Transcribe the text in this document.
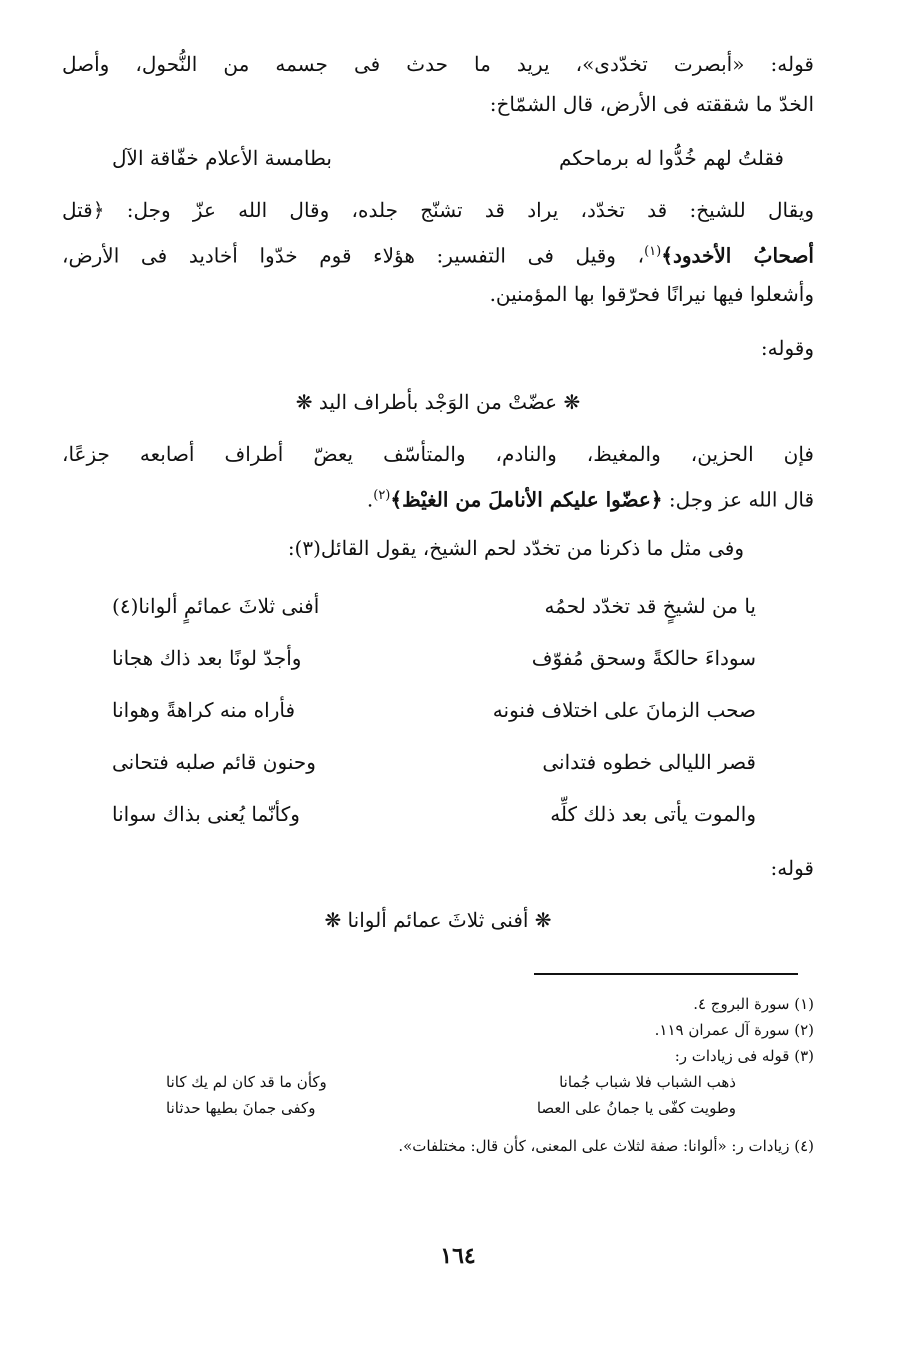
قوله: «أبصرت تخدّدى»، يريد ما حدث فى جسمه من النُّحول، وأصل
الخدّ ما شققته فى الأرض، قال الشمّاخ:
فقلتُ لهم خُدُّوا له برماحكم
بطامسة الأعلام خفّاقة الآل
ويقال للشيخ: قد تخدّد، يراد قد تشنّج جلده، وقال الله عزّ وجل: ﴿قتل
أصحابُ الأخدود﴾$^{(١)}$، وقيل فى التفسير: هؤلاء قوم خدّوا أخاديد فى الأرض،
وأشعلوا فيها نيرانًا فحرّقوا بها المؤمنين.
وقوله:
❋ عضّتْ من الوَجْد بأطراف اليد ❋
فإن الحزين، والمغيظ، والنادم، والمتأسّف يعضّ أطراف أصابعه جزعًا،
قال الله عز وجل: ﴿عضّوا عليكم الأناملَ من الغيْظ﴾$^{(٢)}$.
وفى مثل ما ذكرنا من تخدّد لحم الشيخ، يقول القائل(٣):
يا من لشيخٍ قد تخدّد لحمُه
أفنى ثلاثَ عمائمٍ ألوانا(٤)
سوداءَ حالكةً وسحق مُفوّف
وأجدّ لونًا بعد ذاك هجانا
صحب الزمانَ على اختلاف فنونه
فأراه منه كراهةً وهوانا
قصر الليالى خطوه فتدانى
وحنون قائم صلبه فتحانى
والموت يأتى بعد ذلك كلِّه
وكأنّما يُعنى بذاك سوانا
قوله:
❋ أفنى ثلاثَ عمائم ألوانا ❋
(١) سورة البروج ٤.
(٢) سورة آل عمران ١١٩.
(٣) قوله فى زيادات ر:
ذهب الشباب فلا شباب جُمانا
وكأن ما قد كان لم يك كانا
وطويت كفّى يا جمانُ على العصا
وكفى جمانَ بطيها حدثانا
(٤) زيادات ر: «ألوانا: صفة لثلاث على المعنى، كأن قال: مختلفات».
١٦٤
